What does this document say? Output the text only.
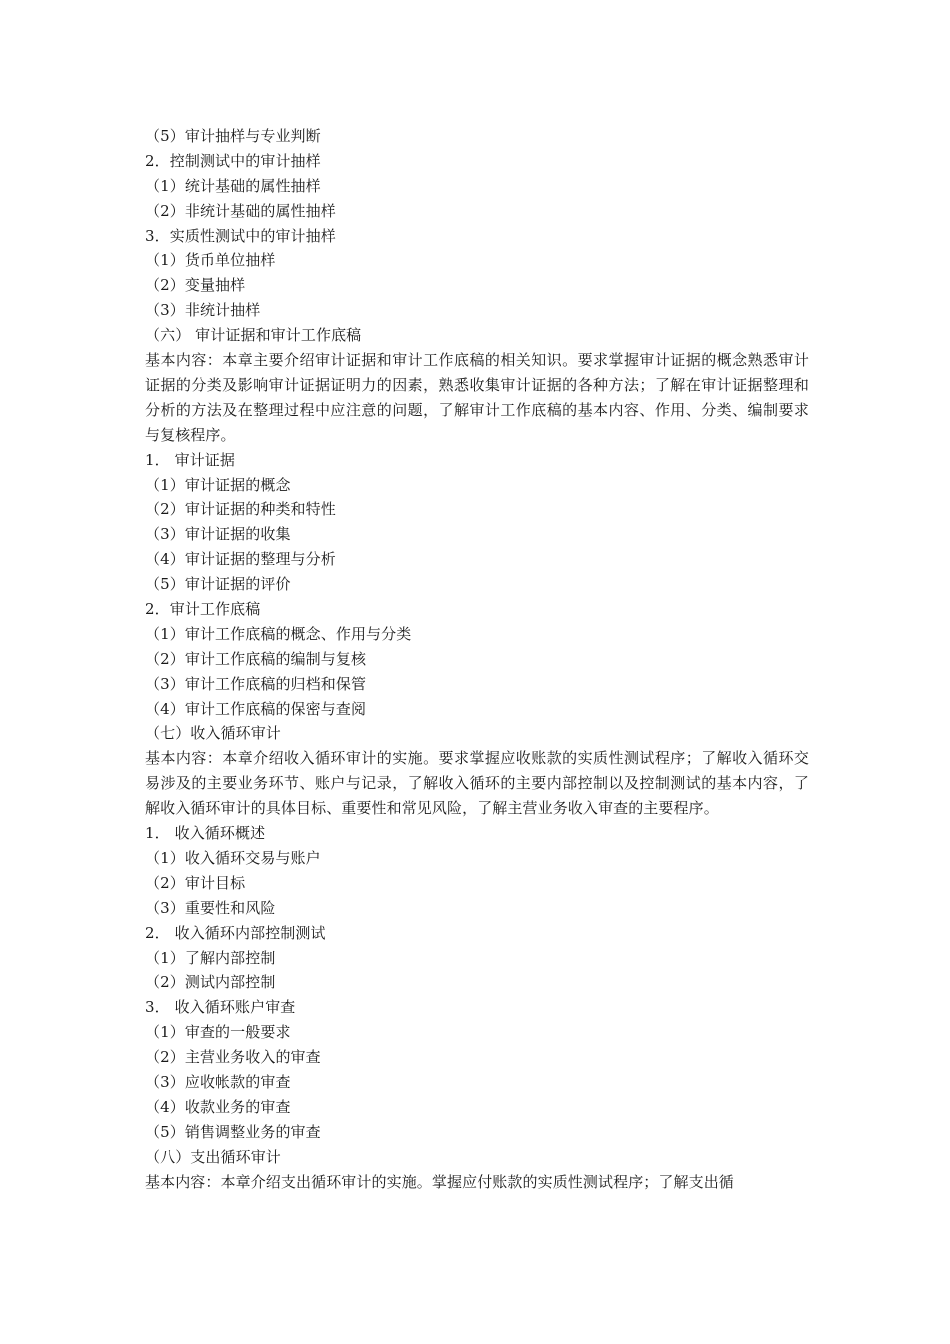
（5）审计抽样与专业判断
2．控制测试中的审计抽样
（1）统计基础的属性抽样
（2）非统计基础的属性抽样
3．实质性测试中的审计抽样
（1）货币单位抽样
（2）变量抽样
（3）非统计抽样
（六） 审计证据和审计工作底稿
基本内容：本章主要介绍审计证据和审计工作底稿的相关知识。要求掌握审计证据的概念熟悉审计证据的分类及影响审计证据证明力的因素，熟悉收集审计证据的各种方法；了解在审计证据整理和分析的方法及在整理过程中应注意的问题，了解审计工作底稿的基本内容、作用、分类、编制要求与复核程序。
1． 审计证据
（1）审计证据的概念
（2）审计证据的种类和特性
（3）审计证据的收集
（4）审计证据的整理与分析
（5）审计证据的评价
2．审计工作底稿
（1）审计工作底稿的概念、作用与分类
（2）审计工作底稿的编制与复核
（3）审计工作底稿的归档和保管
（4）审计工作底稿的保密与查阅
（七）收入循环审计
基本内容：本章介绍收入循环审计的实施。要求掌握应收账款的实质性测试程序；了解收入循环交易涉及的主要业务环节、账户与记录，了解收入循环的主要内部控制以及控制测试的基本内容，了解收入循环审计的具体目标、重要性和常见风险，了解主营业务收入审查的主要程序。
1． 收入循环概述
（1）收入循环交易与账户
（2）审计目标
（3）重要性和风险
2． 收入循环内部控制测试
（1）了解内部控制
（2）测试内部控制
3． 收入循环账户审查
（1）审查的一般要求
（2）主营业务收入的审查
（3）应收帐款的审查
（4）收款业务的审查
（5）销售调整业务的审查
（八）支出循环审计
基本内容：本章介绍支出循环审计的实施。掌握应付账款的实质性测试程序；了解支出循
